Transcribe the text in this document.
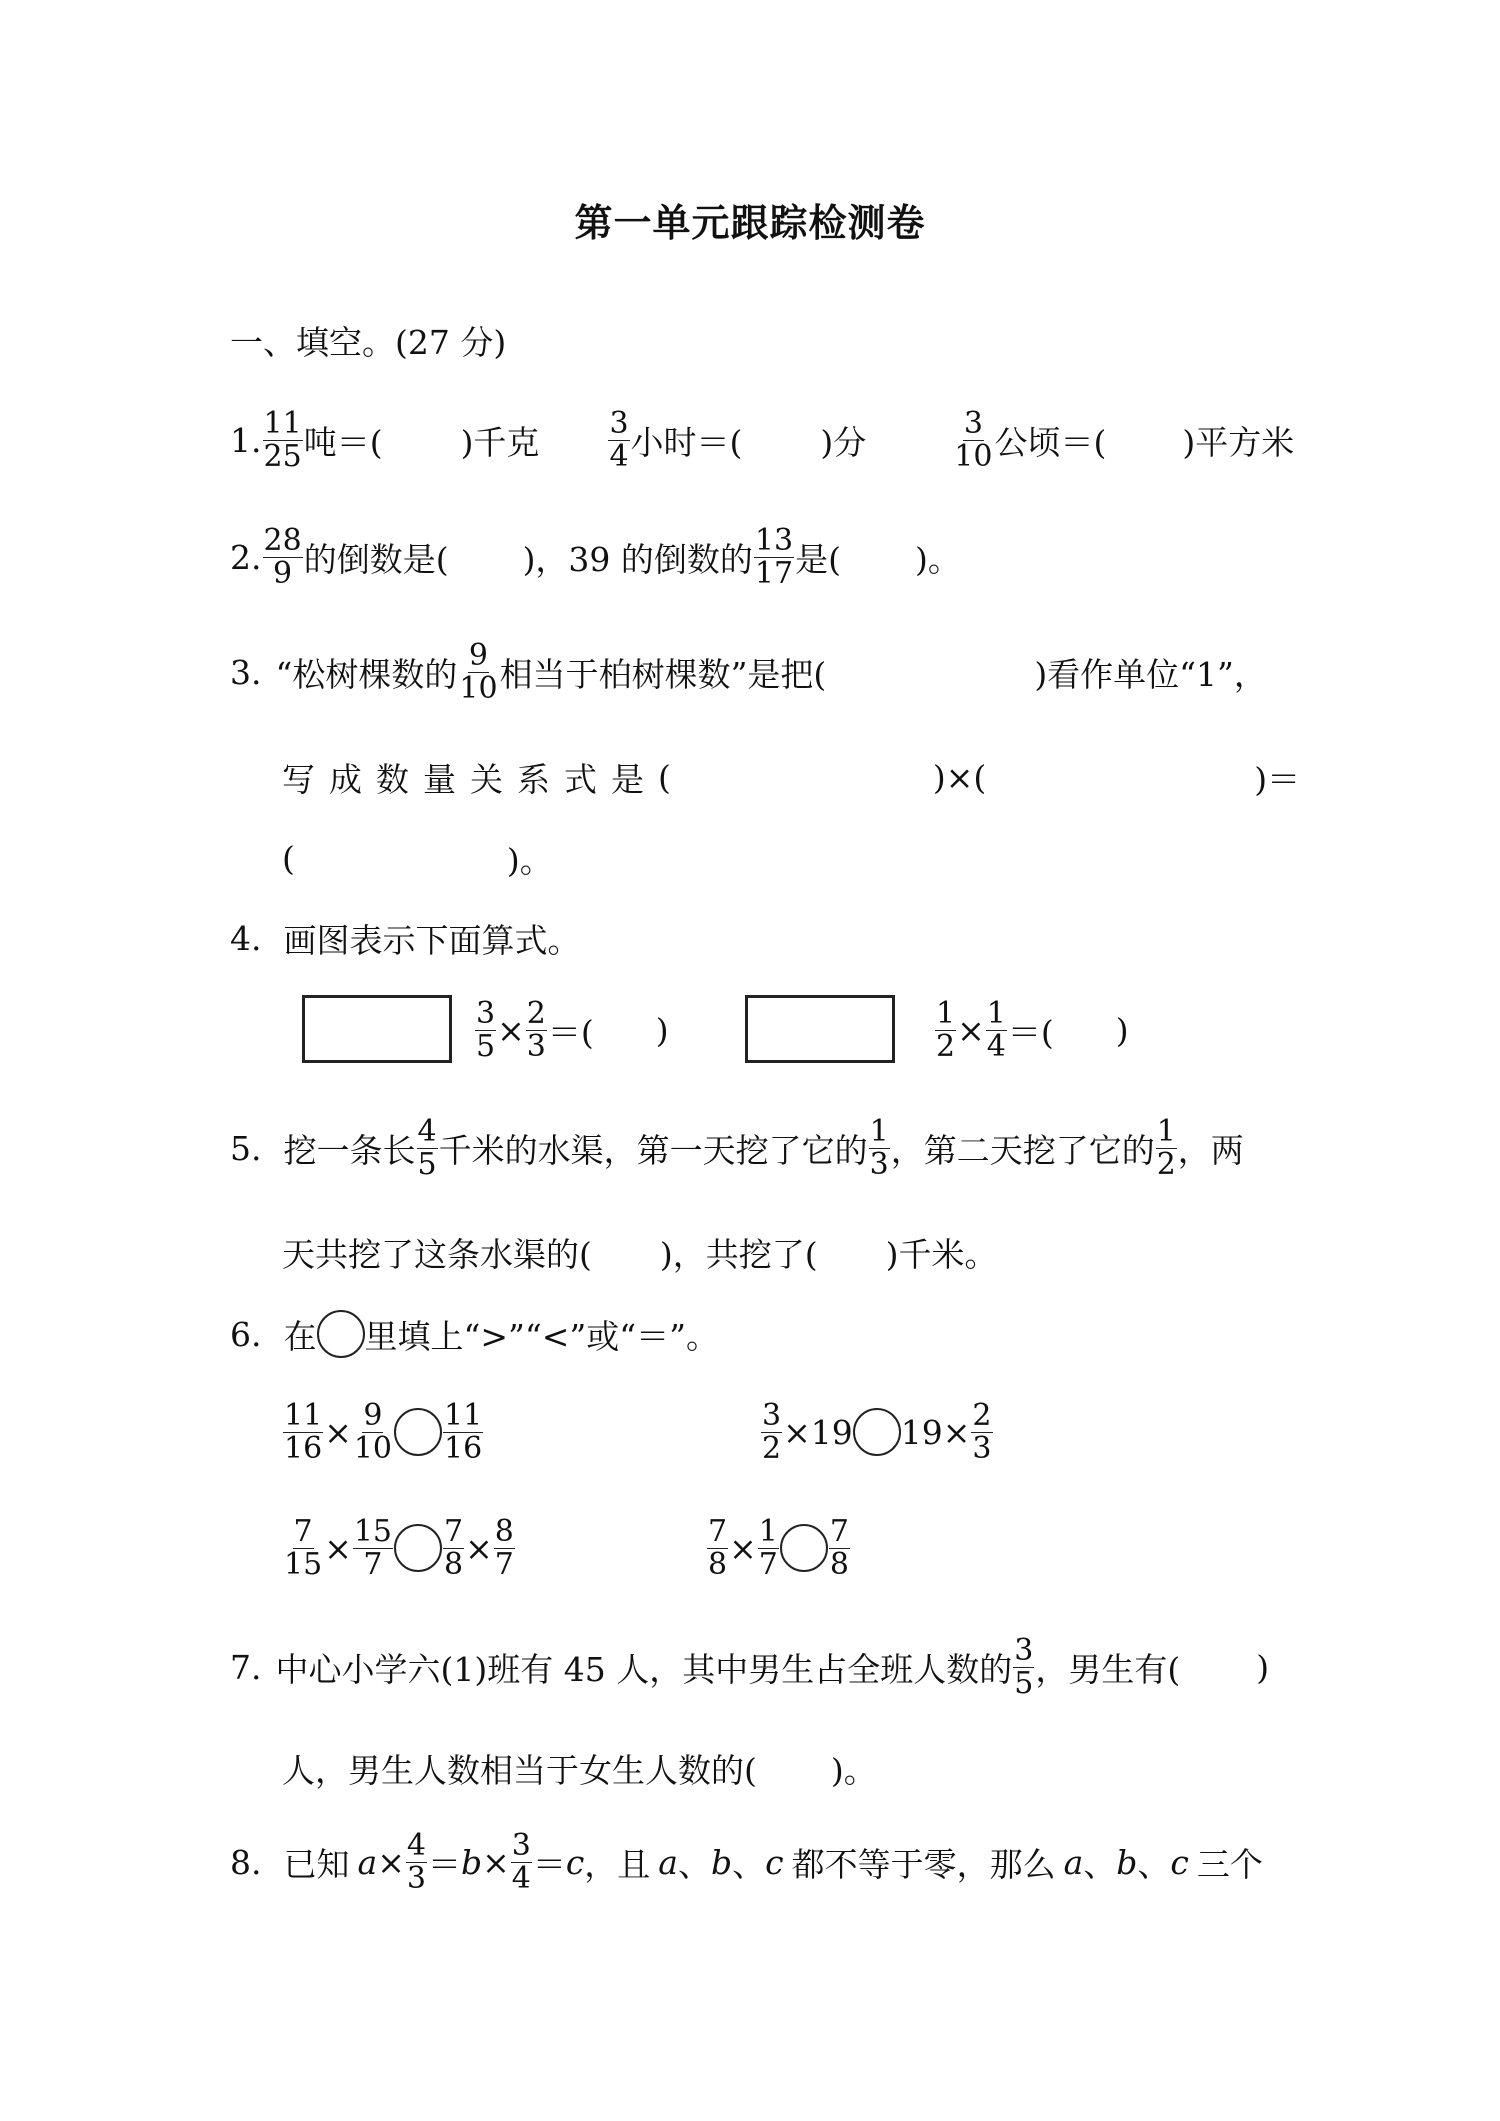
第一单元跟踪检测卷
一、填空。(27 分)
1. $\frac{11}{25}$ 吨＝( )千克 $\frac{3}{4}$ 小时＝( )分	$\frac{3}{10}$ 公顷＝( )平方米
2. $\frac{28}{9}$ 的倒数是( )，39 的倒数的 $\frac{13}{17}$ 是( )。
3. “松树棵数的 $\frac{9}{10}$ 相当于柏树棵数”是把(	)看作单位“1”，
写成数量关系式是 (	)×(	)＝
(	)。
4. 画图表示下面算式。
$\frac{3}{5} \times \frac{2}{3}$ ＝( )	$\frac{1}{2} \times \frac{1}{4}$ ＝( )
5. 挖一条长 $\frac{4}{5}$ 千米的水渠，第一天挖了它的 $\frac{1}{3}$ ，第二天挖了它的 $\frac{1}{2}$ ，两
天共挖了这条水渠的( )，共挖了( )千米。
6. 在 里填上“>”“<”或“＝”。
$\frac{11}{16} \times \frac{9}{10} \frac{11}{16}$	$\frac{3}{2} \times 19$ $19\times \frac{2}{3}$
$\frac{7}{15} \times \frac{15}{7} \frac{7}{8} \times \frac{8}{7}$	$\frac{7}{8} \times \frac{1}{7} \frac{7}{8}$
7. 中心小学六(1)班有 45 人，其中男生占全班人数的 $\frac{3}{5}$ ，男生有( )
人，男生人数相当于女生人数的( )。
8. 已知 $a \times \frac{4}{3} = b \times \frac{3}{4} = c$ ，且 a 、 b 、 c 都不等于零，那么 a 、 b 、 c 三个
